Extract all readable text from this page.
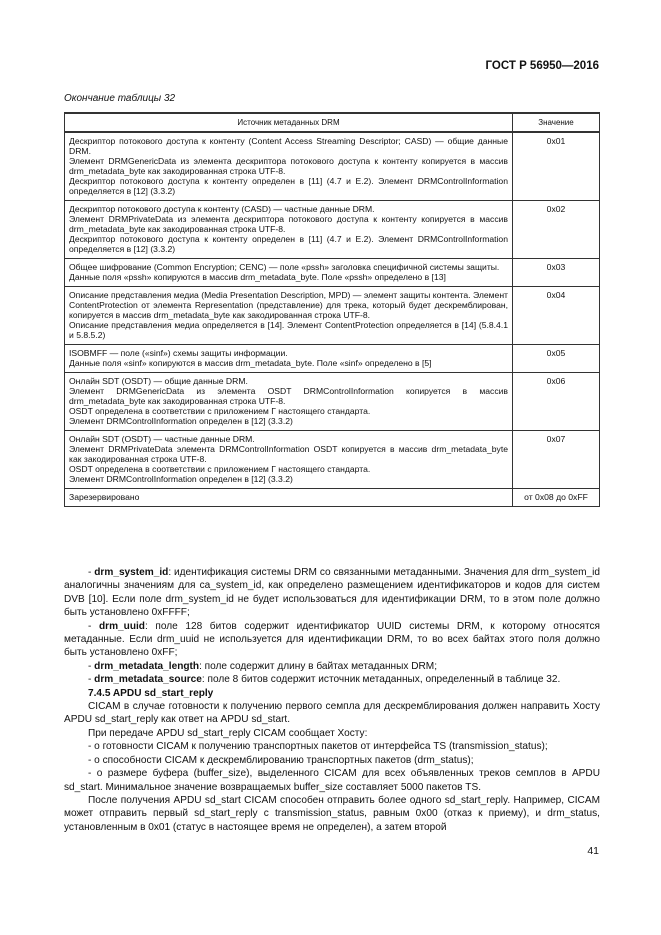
ГОСТ Р 56950—2016
Окончание таблицы 32
Источник метаданных DRM	Значение

Дескриптор потокового доступа к контенту (Content Access Streaming Descriptor; CASD) — общие данные DRM.
Элемент DRMGenericData из элемента дескриптора потокового доступа к контенту копируется в массив drm_metadata_byte как закодированная строка UTF-8.
Дескриптор потокового доступа к контенту определен в [11] (4.7 и Е.2). Элемент DRMControlInformation определяется в [12] (3.3.2)	0x01

Дескриптор потокового доступа к контенту (CASD) — частные данные DRM.
Элемент DRMPrivateData из элемента дескриптора потокового доступа к контенту копируется в массив drm_metadata_byte как закодированная строка UTF-8.
Дескриптор потокового доступа к контенту определен в [11] (4.7 и Е.2). Элемент DRMControlInformation определяется в [12] (3.3.2)	0x02

Общее шифрование (Common Encryption; CENC) — поле «pssh» заголовка специфичной системы защиты.
Данные поля «pssh» копируются в массив drm_metadata_byte. Поле «pssh» определено в [13]	0x03

Описание представления медиа (Media Presentation Description, MPD) — элемент защиты контента. Элемент ContentProtection от элемента Representation (представление) для трека, который будет дескремблирован, копируется в массив drm_metadata_byte как закодированная строка UTF-8.
Описание представления медиа определяется в [14]. Элемент ContentProtection определяется в [14] (5.8.4.1 и 5.8.5.2)	0x04

ISOBMFF — поле («sinf») схемы защиты информации.
Данные поля «sinf» копируются в массив drm_metadata_byte. Поле «sinf» определено в [5]	0x05

Онлайн SDT (OSDT) — общие данные DRM.
Элемент DRMGenericData из элемента OSDT DRMControlInformation копируется в массив drm_metadata_byte как закодированная строка UTF-8.
OSDT определена в соответствии с приложением Г настоящего стандарта.
Элемент DRMControlInformation определен в [12] (3.3.2)	0x06

Онлайн SDT (OSDT) — частные данные DRM.
Элемент DRMPrivateData элемента DRMControlInformation OSDT копируется в массив drm_metadata_byte как закодированная строка UTF-8.
OSDT определена в соответствии с приложением Г настоящего стандарта.
Элемент DRMControlInformation определен в [12] (3.3.2)	0x07

Зарезервировано	от 0x08 до 0xFF

- drm_system_id: идентификация системы DRM со связанными метаданными. Значения для drm_system_id аналогичны значениям для ca_system_id, как определено размещением идентификаторов и кодов для систем DVB [10]. Если поле drm_system_id не будет использоваться для идентификации DRM, то в этом поле должно быть установлено 0xFFFF;

- drm_uuid: поле 128 битов содержит идентификатор UUID системы DRM, к которому относятся метаданные. Если drm_uuid не используется для идентификации DRM, то во всех байтах этого поля должно быть установлено 0xFF;

- drm_metadata_length: поле содержит длину в байтах метаданных DRM;

- drm_metadata_source: поле 8 битов содержит источник метаданных, определенный в таблице 32.

7.4.5 APDU sd_start_reply

CICAM в случае готовности к получению первого семпла для дескремблирования должен направить Хосту APDU sd_start_reply как ответ на APDU sd_start.

При передаче APDU sd_start_reply CICAM сообщает Хосту:

- о готовности CICAM к получению транспортных пакетов от интерфейса TS (transmission_status);

- о способности CICAM к дескремблированию транспортных пакетов (drm_status);

- о размере буфера (buffer_size), выделенного CICAM для всех объявленных треков семплов в APDU sd_start. Минимальное значение возвращаемых buffer_size составляет 5000 пакетов TS.

После получения APDU sd_start CICAM способен отправить более одного sd_start_reply. Например, CICAM может отправить первый sd_start_reply с transmission_status, равным 0x00 (отказ к приему), и drm_status, установленным в 0x01 (статус в настоящее время не определен), а затем второй

41
